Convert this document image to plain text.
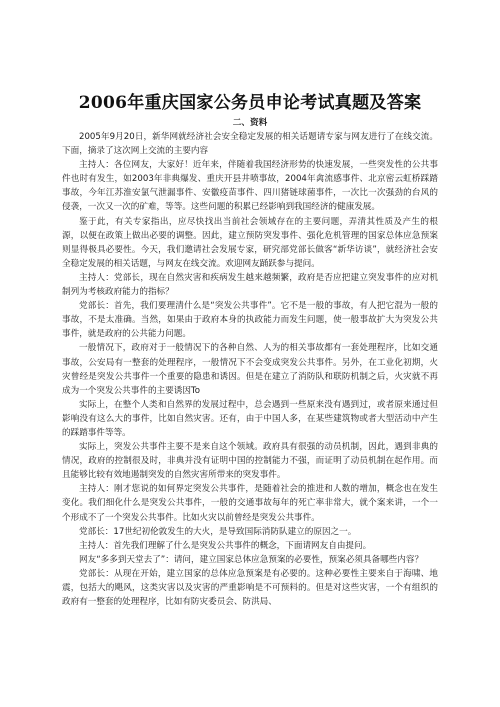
2006年重庆国家公务员申论考试真题及答案
二、资料

2005年9月20日，新华网就经济社会安全稳定发展的相关话题请专家与网友进行了在线交流。下面，摘录了这次网上交流的主要内容

主持人：各位网友，大家好！近年来，伴随着我国经济形势的快速发展，一些突发性的公共事件也时有发生，如2003年非典爆发、重庆开县井喷事故，2004年禽流感事件、北京密云虹桥踩踏事故，今年江苏淮安氯气泄漏事件、安徽疫苗事件、四川猪链球菌事件，一次比一次强劲的台风的侵袭，一次又一次的矿难，等等。这些问题的积累已经影响到我国经济的健康发展。

鉴于此，有关专家指出，应尽快找出当前社会领域存在的主要问题，弄清其性质及产生的根源，以便在政策上做出必要的调整。因此，建立预防突发事件、强化危机管理的国家总体应急预案则显得极具必要性。今天，我们邀请社会发展专家，研究部党部长做客“新华访谈”，就经济社会安全稳定发展的相关话题，与网友在线交流。欢迎网友踊跃参与提问。

主持人：党部长，现在自然灾害和疾病发生越来越频繁，政府是否应把建立突发事件的应对机制列为考核政府能力的指标？

党部长：首先，我们要理清什么是“突发公共事件”。它不是一般的事故，有人把它混为一般的事故，不是太准确。当然，如果由于政府本身的执政能力而发生问题，使一般事故扩大为突发公共事件，就是政府的公共能力问题。

一般情况下，政府对于一般情况下的各种自然、人为的相关事故都有一套处理程序，比如交通事故，公安局有一整套的处理程序，一般情况下不会变成突发公共事件。另外，在工业化初期，火灾曾经是突发公共事件一个重要的隐患和诱因。但是在建立了消防队和联防机制之后，火灾就不再成为一个突发公共事件的主要诱因To

实际上，在整个人类和自然界的发展过程中，总会遇到一些原来没有遇到过，或者原来通过但影响没有这么大的事件，比如自然灾害。还有，由于中国人多，在某些建筑物或者大型活动中产生的踩踏事件等等。

实际上，突发公共事件主要不是来自这个领域。政府具有很强的动员机制，因此，遇到非典的情况，政府的控制很及时，非典并没有证明中国的控制能力不强，而证明了动员机制在起作用。而且能够比较有效地遏制突发的自然灾害所带来的突发事件。

主持人：刚才您说的如何界定突发公共事件，是随着社会的推进和人数的增加，概念也在发生变化。我们细化什么是突发公共事件，一般的交通事故每年的死亡率非常大，就个案来讲，一个一个形成不了一个突发公共事件。比如火灾以前曾经是突发公共事件。

党部长：17世纪初伦敦发生的大火，是导致国际消防队建立的原因之一。

主持人：首先我们理解了什么是突发公共事件的概念，下面请网友自由提问。

网友“多多到天堂去了”：请问，建立国家总体应急预案的必要性，预案必须具备哪些内容？

党部长：从现在开始，建立国家的总体应急预案是有必要的。这种必要性主要来自于海啸、地震，包括大的飓风，这类灾害以及灾害的严重影响是不可预料的。但是对这些灾害，一个有组织的政府有一整套的处理程序，比如有防灾委员会、防洪局、
